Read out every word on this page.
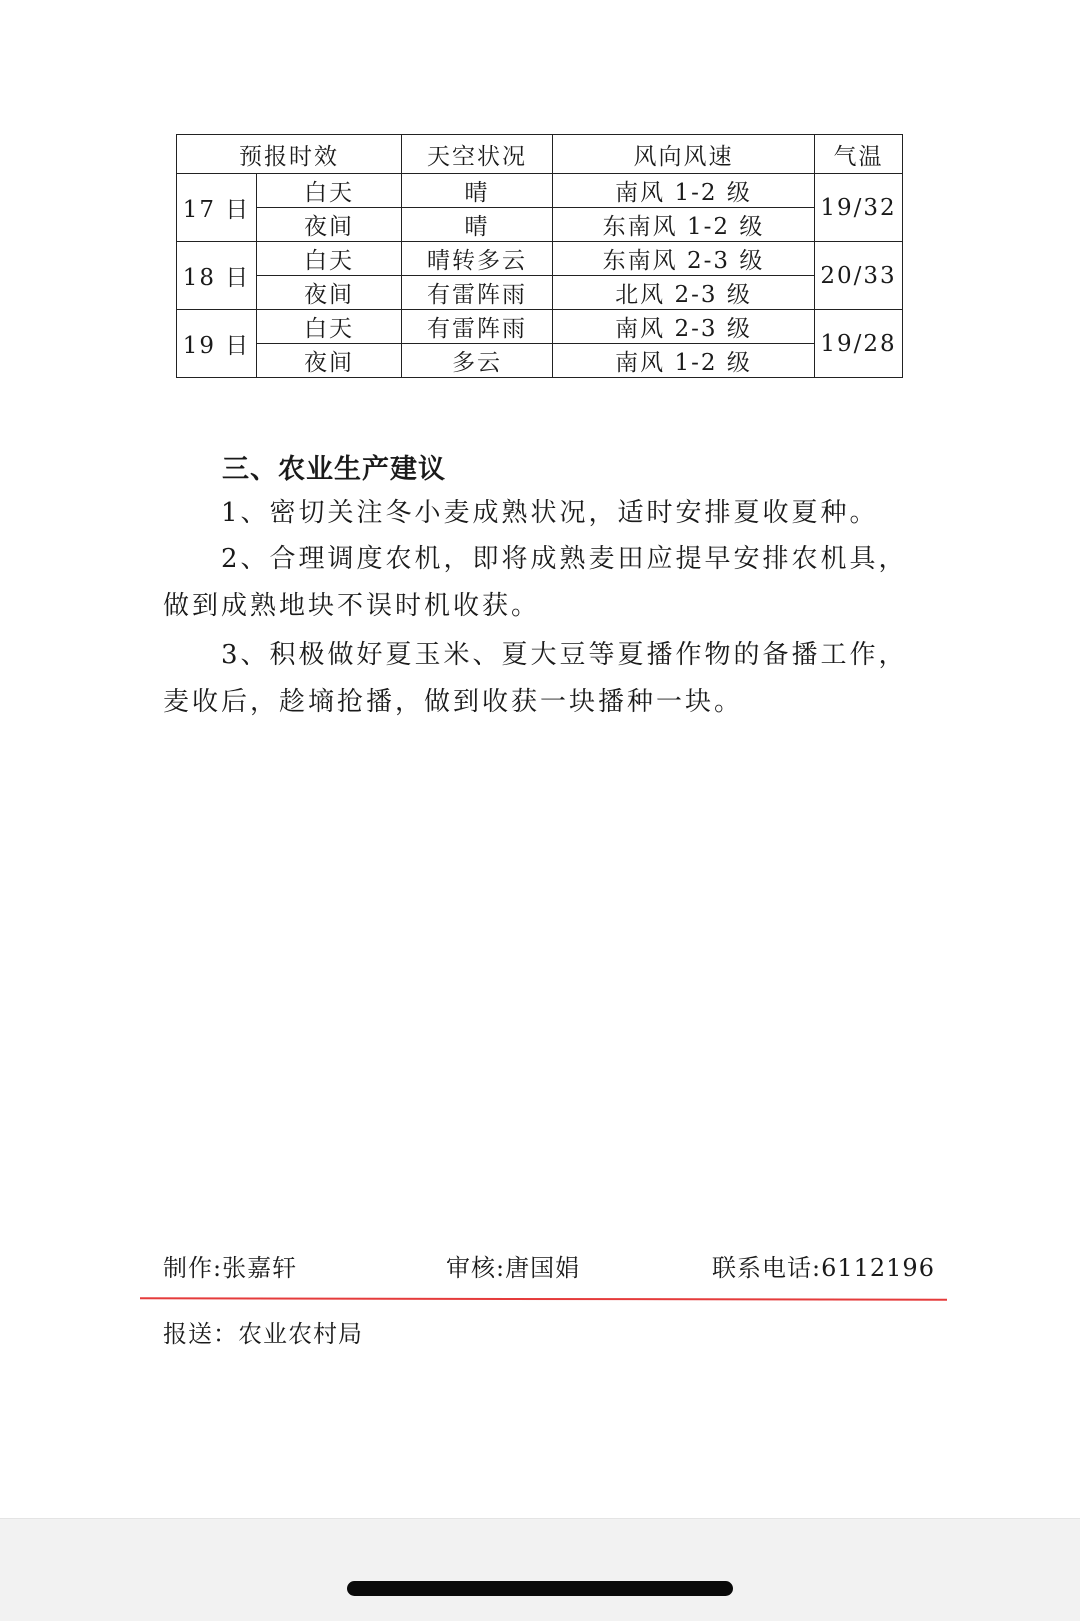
预报时效		天空状况	风向风速	气温
17 日	白天	晴	南风 1-2 级	19/32
	夜间	晴	东南风 1-2 级	
18 日	白天	晴转多云	东南风 2-3 级	20/33
	夜间	有雷阵雨	北风 2-3 级	
19 日	白天	有雷阵雨	南风 2-3 级	19/28
	夜间	多云	南风 1-2 级	
三、农业生产建议

1、密切关注冬小麦成熟状况，适时安排夏收夏种。

2、合理调度农机，即将成熟麦田应提早安排农机具，做到成熟地块不误时机收获。

3、积极做好夏玉米、夏大豆等夏播作物的备播工作，麦收后，趁墒抢播，做到收获一块播种一块。

制作:张嘉轩	审核:唐国娟	联系电话:6112196
报送：农业农村局
